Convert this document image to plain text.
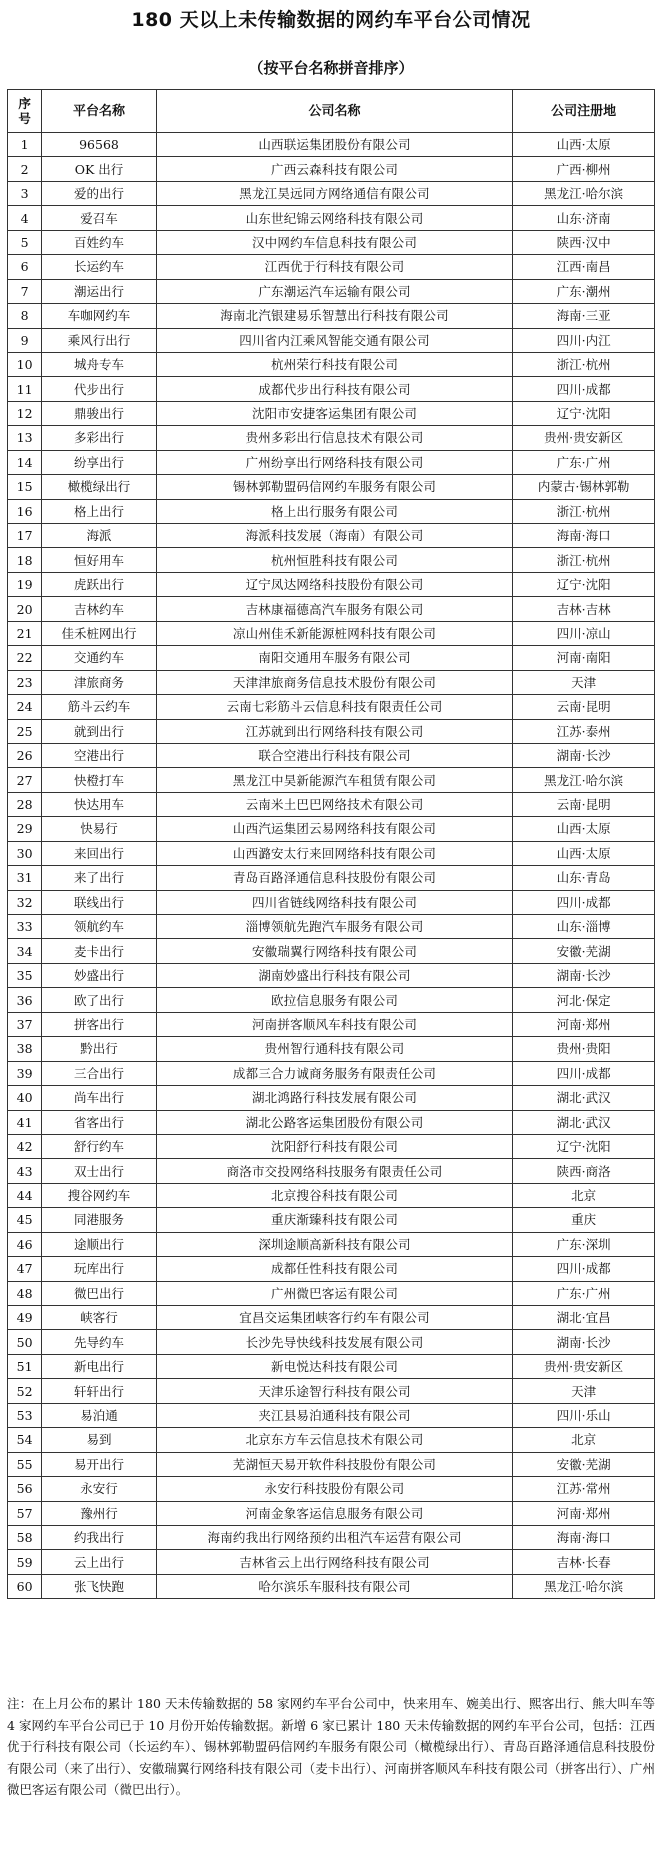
180 天以上未传输数据的网约车平台公司情况
（按平台名称拼音排序）
序
号	平台名称	公司名称	公司注册地
1	96568	山西联运集团股份有限公司	山西·太原
2	OK 出行	广西云森科技有限公司	广西·柳州
3	爱的出行	黑龙江昊远同方网络通信有限公司	黑龙江·哈尔滨
4	爱召车	山东世纪锦云网络科技有限公司	山东·济南
5	百姓约车	汉中网约车信息科技有限公司	陕西·汉中
6	长运约车	江西优于行科技有限公司	江西·南昌
7	潮运出行	广东潮运汽车运输有限公司	广东·潮州
8	车咖网约车	海南北汽银建易乐智慧出行科技有限公司	海南·三亚
9	乘风行出行	四川省内江乘风智能交通有限公司	四川·内江
10	城舟专车	杭州荣行科技有限公司	浙江·杭州
11	代步出行	成都代步出行科技有限公司	四川·成都
12	鼎骏出行	沈阳市安捷客运集团有限公司	辽宁·沈阳
13	多彩出行	贵州多彩出行信息技术有限公司	贵州·贵安新区
14	纷享出行	广州纷享出行网络科技有限公司	广东·广州
15	橄榄绿出行	锡林郭勒盟码信网约车服务有限公司	内蒙古·锡林郭勒
16	格上出行	格上出行服务有限公司	浙江·杭州
17	海派	海派科技发展（海南）有限公司	海南·海口
18	恒好用车	杭州恒胜科技有限公司	浙江·杭州
19	虎跃出行	辽宁凤达网络科技股份有限公司	辽宁·沈阳
20	吉林约车	吉林康福德高汽车服务有限公司	吉林·吉林
21	佳禾桩网出行	凉山州佳禾新能源桩网科技有限公司	四川·凉山
22	交通约车	南阳交通用车服务有限公司	河南·南阳
23	津旅商务	天津津旅商务信息技术股份有限公司	天津
24	筋斗云约车	云南七彩筋斗云信息科技有限责任公司	云南·昆明
25	就到出行	江苏就到出行网络科技有限公司	江苏·泰州
26	空港出行	联合空港出行科技有限公司	湖南·长沙
27	快橙打车	黑龙江中昊新能源汽车租赁有限公司	黑龙江·哈尔滨
28	快达用车	云南米土巴巴网络技术有限公司	云南·昆明
29	快易行	山西汽运集团云易网络科技有限公司	山西·太原
30	来回出行	山西潞安太行来回网络科技有限公司	山西·太原
31	来了出行	青岛百路泽通信息科技股份有限公司	山东·青岛
32	联线出行	四川省链线网络科技有限公司	四川·成都
33	领航约车	淄博领航先跑汽车服务有限公司	山东·淄博
34	麦卡出行	安徽瑞翼行网络科技有限公司	安徽·芜湖
35	妙盛出行	湖南妙盛出行科技有限公司	湖南·长沙
36	欧了出行	欧拉信息服务有限公司	河北·保定
37	拼客出行	河南拼客顺风车科技有限公司	河南·郑州
38	黔出行	贵州智行通科技有限公司	贵州·贵阳
39	三合出行	成都三合力诚商务服务有限责任公司	四川·成都
40	尚车出行	湖北鸿路行科技发展有限公司	湖北·武汉
41	省客出行	湖北公路客运集团股份有限公司	湖北·武汉
42	舒行约车	沈阳舒行科技有限公司	辽宁·沈阳
43	双士出行	商洛市交投网络科技服务有限责任公司	陕西·商洛
44	搜谷网约车	北京搜谷科技有限公司	北京
45	同港服务	重庆渐臻科技有限公司	重庆
46	途顺出行	深圳途顺高新科技有限公司	广东·深圳
47	玩库出行	成都任性科技有限公司	四川·成都
48	微巴出行	广州微巴客运有限公司	广东·广州
49	峡客行	宜昌交运集团峡客行约车有限公司	湖北·宜昌
50	先导约车	长沙先导快线科技发展有限公司	湖南·长沙
51	新电出行	新电悦达科技有限公司	贵州·贵安新区
52	轩轩出行	天津乐途智行科技有限公司	天津
53	易泊通	夹江县易泊通科技有限公司	四川·乐山
54	易到	北京东方车云信息技术有限公司	北京
55	易开出行	芜湖恒天易开软件科技股份有限公司	安徽·芜湖
56	永安行	永安行科技股份有限公司	江苏·常州
57	豫州行	河南金象客运信息服务有限公司	河南·郑州
58	约我出行	海南约我出行网络预约出租汽车运营有限公司	海南·海口
59	云上出行	吉林省云上出行网络科技有限公司	吉林·长春
60	张飞快跑	哈尔滨乐车服科技有限公司	黑龙江·哈尔滨
注：在上月公布的累计 180 天未传输数据的 58 家网约车平台公司中，快来用车、婉美出行、熙客出行、熊大叫车等 4 家网约车平台公司已于 10 月份开始传输数据。新增 6 家已累计 180 天未传输数据的网约车平台公司，包括：江西优于行科技有限公司（长运约车）、锡林郭勒盟码信网约车服务有限公司（橄榄绿出行）、青岛百路泽通信息科技股份有限公司（来了出行）、安徽瑞翼行网络科技有限公司（麦卡出行）、河南拼客顺风车科技有限公司（拼客出行）、广州微巴客运有限公司（微巴出行）。
